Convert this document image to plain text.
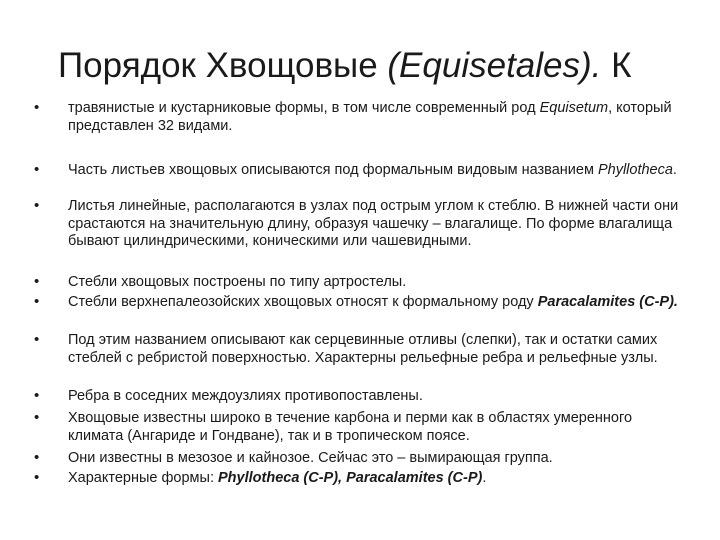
Порядок Хвощовые (Equisetales). К
•	травянистые и кустарниковые формы, в том числе современный род Equisetum, который представлен 32 видами.
•	Часть листьев хвощовых описываются под формальным видовым названием Phyllotheca.
•	Листья линейные, располагаются в узлах под острым углом к стеблю. В нижней части они срастаются на значительную длину, образуя чашечку – влагалище. По форме влагалища бывают цилиндрическими, коническими или чашевидными.
•	Стебли хвощовых построены по типу артростелы.
•	Стебли верхнепалеозойских хвощовых относят к формальному роду Paracalamites (C-P).
•	Под этим названием описывают как серцевинные отливы (слепки), так и остатки самих стеблей с ребристой поверхностью. Характерны рельефные ребра и рельефные узлы.
•	Ребра в соседних междоузлиях противопоставлены.
•	Хвощовые известны широко в течение карбона и перми как в областях умеренного климата (Ангариде и Гондване), так и в тропическом поясе.
•	Они известны в мезозое и кайнозое. Сейчас это – вымирающая группа.
•	Характерные формы: Phyllotheca (C-P), Paracalamites (C-P).
